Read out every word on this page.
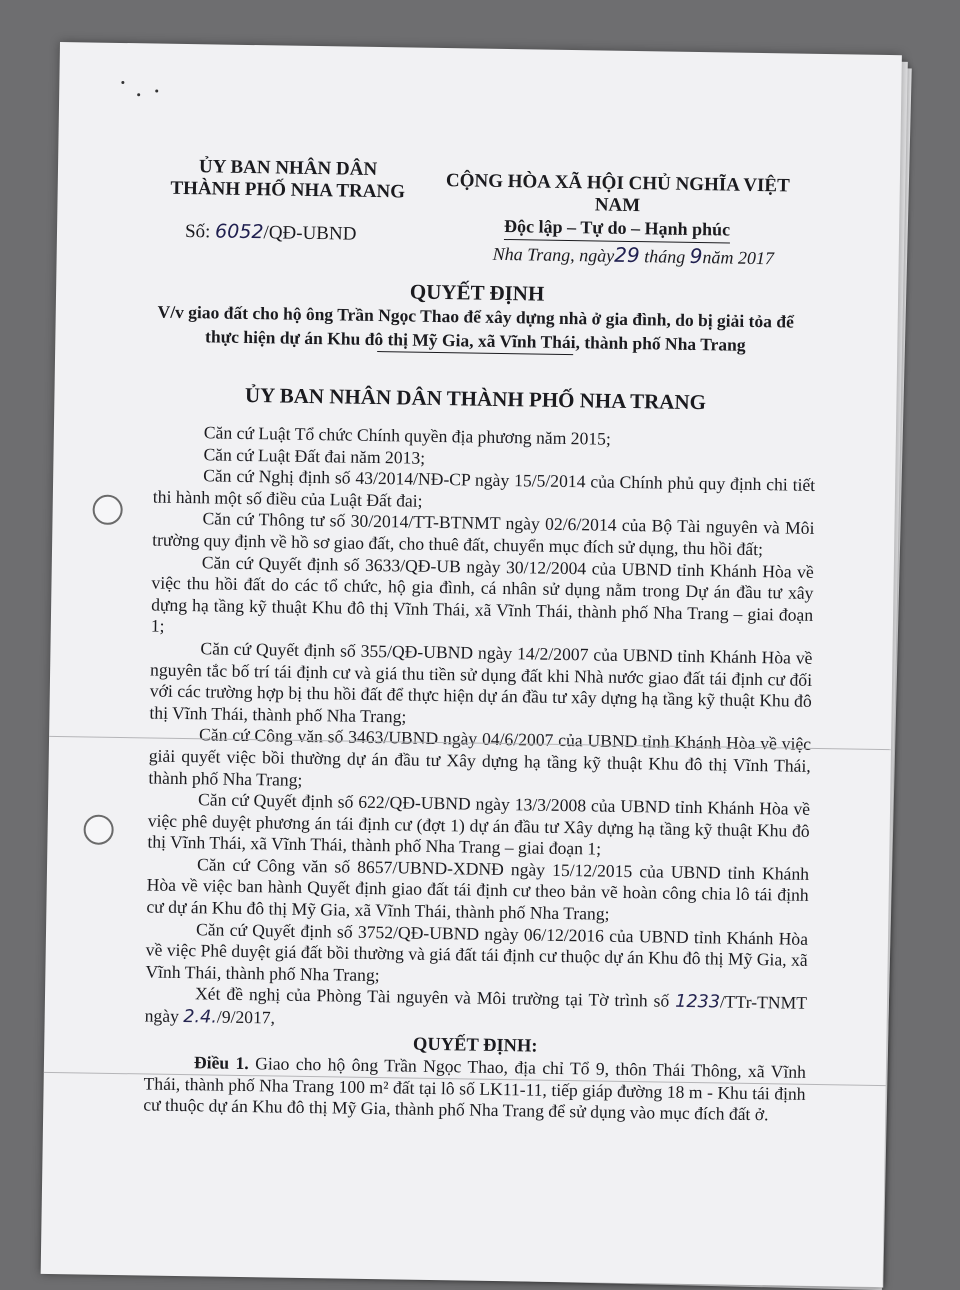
ỦY BAN NHÂN DÂN
THÀNH PHỐ NHA TRANG	CỘNG HÒA XÃ HỘI CHỦ NGHĨA VIỆT NAM
Độc lập – Tự do – Hạnh phúc
Số: 6052/QĐ-UBND
Nha Trang, ngày29 tháng 9năm 2017
QUYẾT ĐỊNH
V/v giao đất cho hộ ông Trần Ngọc Thao để xây dựng nhà ở gia đình, do bị giải tỏa để
thực hiện dự án Khu đô thị Mỹ Gia, xã Vĩnh Thái, thành phố Nha Trang
ỦY BAN NHÂN DÂN THÀNH PHỐ NHA TRANG

Căn cứ Luật Tổ chức Chính quyền địa phương năm 2015;

Căn cứ Luật Đất đai năm 2013;

Căn cứ Nghị định số 43/2014/NĐ-CP ngày 15/5/2014 của Chính phủ quy định chi tiết thi hành một số điều của Luật Đất đai;

Căn cứ Thông tư số 30/2014/TT-BTNMT ngày 02/6/2014 của Bộ Tài nguyên và Môi trường quy định về hồ sơ giao đất, cho thuê đất, chuyển mục đích sử dụng, thu hồi đất;

Căn cứ Quyết định số 3633/QĐ-UB ngày 30/12/2004 của UBND tỉnh Khánh Hòa về việc thu hồi đất do các tổ chức, hộ gia đình, cá nhân sử dụng nằm trong Dự án đầu tư xây dựng hạ tầng kỹ thuật Khu đô thị Vĩnh Thái, xã Vĩnh Thái, thành phố Nha Trang – giai đoạn 1;

Căn cứ Quyết định số 355/QĐ-UBND ngày 14/2/2007 của UBND tỉnh Khánh Hòa về nguyên tắc bố trí tái định cư và giá thu tiền sử dụng đất khi Nhà nước giao đất tái định cư đối với các trường hợp bị thu hồi đất để thực hiện dự án đầu tư xây dựng hạ tầng kỹ thuật Khu đô thị Vĩnh Thái, thành phố Nha Trang;

Căn cứ Công văn số 3463/UBND ngày 04/6/2007 của UBND tỉnh Khánh Hòa về việc giải quyết việc bồi thường dự án đầu tư Xây dựng hạ tầng kỹ thuật Khu đô thị Vĩnh Thái, thành phố Nha Trang;

Căn cứ Quyết định số 622/QĐ-UBND ngày 13/3/2008 của UBND tỉnh Khánh Hòa về việc phê duyệt phương án tái định cư (đợt 1) dự án đầu tư Xây dựng hạ tầng kỹ thuật Khu đô thị Vĩnh Thái, xã Vĩnh Thái, thành phố Nha Trang – giai đoạn 1;

Căn cứ Công văn số 8657/UBND-XDNĐ ngày 15/12/2015 của UBND tỉnh Khánh Hòa về việc ban hành Quyết định giao đất tái định cư theo bản vẽ hoàn công chia lô tái định cư dự án Khu đô thị Mỹ Gia, xã Vĩnh Thái, thành phố Nha Trang;

Căn cứ Quyết định số 3752/QĐ-UBND ngày 06/12/2016 của UBND tỉnh Khánh Hòa về việc Phê duyệt giá đất bồi thường và giá đất tái định cư thuộc dự án Khu đô thị Mỹ Gia, xã Vĩnh Thái, thành phố Nha Trang;

Xét đề nghị của Phòng Tài nguyên và Môi trường tại Tờ trình số 1233/TTr-TNMT ngày 2.4./9/2017,

QUYẾT ĐỊNH:

Điều 1. Giao cho hộ ông Trần Ngọc Thao, địa chỉ Tổ 9, thôn Thái Thông, xã Vĩnh Thái, thành phố Nha Trang 100 m² đất tại lô số LK11-11, tiếp giáp đường 18 m - Khu tái định cư thuộc dự án Khu đô thị Mỹ Gia, thành phố Nha Trang để sử dụng vào mục đích đất ở.
